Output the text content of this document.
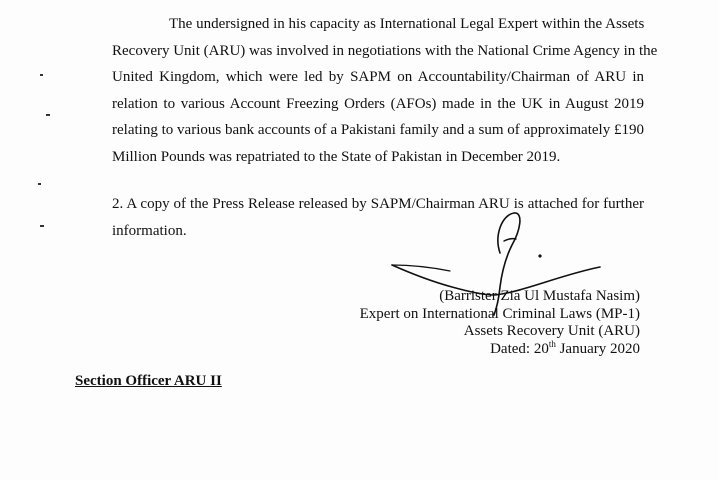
The undersigned in his capacity as International Legal Expert within the Assets
Recovery Unit (ARU) was involved in negotiations with the National Crime Agency in the
United Kingdom, which were led by SAPM on Accountability/Chairman of ARU in
relation to various Account Freezing Orders (AFOs) made in the UK in August 2019
relating to various bank accounts of a Pakistani family and a sum of approximately £190
Million Pounds was repatriated to the State of Pakistan in December 2019.
2. A copy of the Press Release released by SAPM/Chairman ARU is attached for further
information.
(Barrister Zia Ul Mustafa Nasim)
Expert on International Criminal Laws (MP-1)
Assets Recovery Unit (ARU)
Dated: 20th January 2020
Section Officer ARU II
